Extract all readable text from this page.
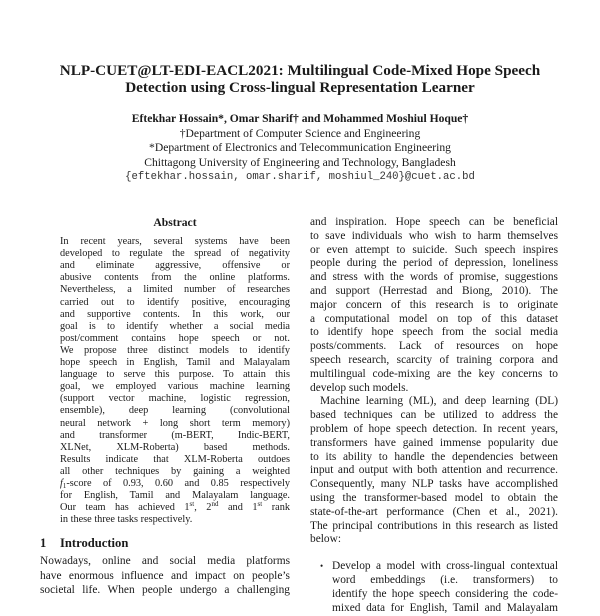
NLP-CUET@LT-EDI-EACL2021: Multilingual Code-Mixed Hope Speech
Detection using Cross-lingual Representation Learner
Eftekhar Hossain*, Omar Sharif† and Mohammed Moshiul Hoque†
†Department of Computer Science and Engineering
*Department of Electronics and Telecommunication Engineering
Chittagong University of Engineering and Technology, Bangladesh
{eftekhar.hossain, omar.sharif, moshiul_240}@cuet.ac.bd
Abstract
In recent years, several systems have been
developed to regulate the spread of negativity
and eliminate aggressive, offensive or
abusive contents from the online platforms.
Nevertheless, a limited number of researches
carried out to identify positive, encouraging
and supportive contents. In this work, our
goal is to identify whether a social media
post/comment contains hope speech or not.
We propose three distinct models to identify
hope speech in English, Tamil and Malayalam
language to serve this purpose. To attain this
goal, we employed various machine learning
(support vector machine, logistic regression,
ensemble), deep learning (convolutional
neural network + long short term memory)
and transformer (m-BERT, Indic-BERT,
XLNet, XLM-Roberta) based methods.
Results indicate that XLM-Roberta outdoes
all other techniques by gaining a weighted
$f_1$-score of 0.93, 0.60 and 0.85 respectively
for English, Tamil and Malayalam language.
Our team has achieved 1st, 2nd and 1st rank
in these three tasks respectively.
1 Introduction
Nowadays, online and social media platforms
have enormous influence and impact on people’s
societal life. When people undergo a challenging
and inspiration. Hope speech can be beneficial
to save individuals who wish to harm themselves
or even attempt to suicide. Such speech inspires
people during the period of depression, loneliness
and stress with the words of promise, suggestions
and support (Herrestad and Biong, 2010). The
major concern of this research is to originate
a computational model on top of this dataset
to identify hope speech from the social media
posts/comments. Lack of resources on hope
speech research, scarcity of training corpora and
multilingual code-mixing are the key concerns to
develop such models.
Machine learning (ML), and deep learning (DL)
based techniques can be utilized to address the
problem of hope speech detection. In recent years,
transformers have gained immense popularity due
to its ability to handle the dependencies between
input and output with both attention and recurrence.
Consequently, many NLP tasks have accomplished
using the transformer-based model to obtain the
state-of-the-art performance (Chen et al., 2021).
The principal contributions in this research as listed
below:
• Develop a model with cross-lingual contextual
word embeddings (i.e. transformers) to
identify the hope speech considering the code-
mixed data for English, Tamil and Malayalam
